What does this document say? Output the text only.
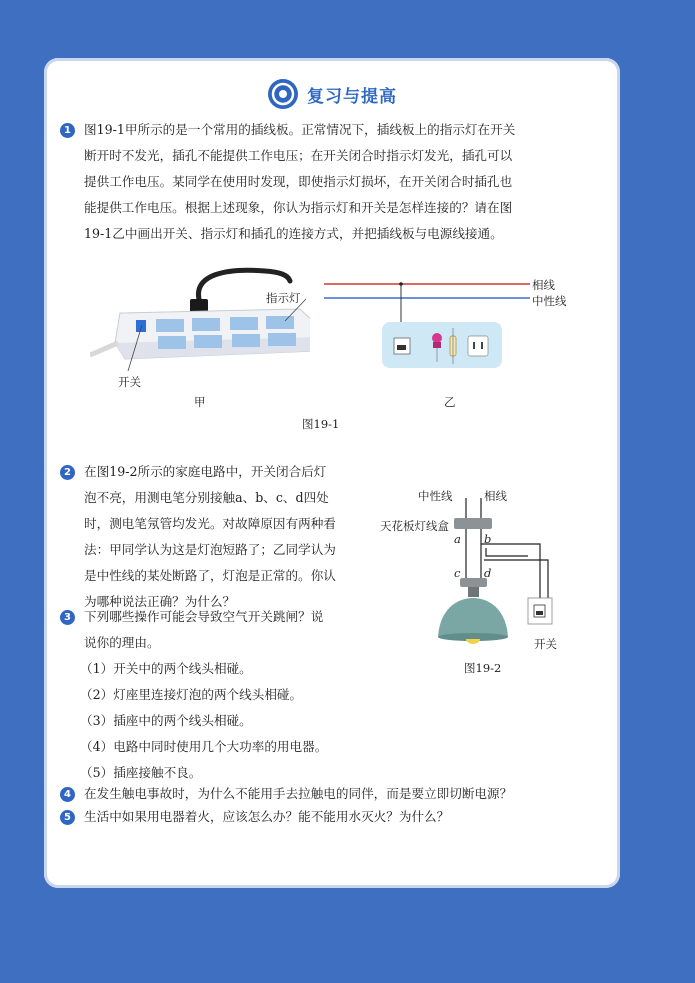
复习与提高
1	图19-1甲所示的是一个常用的插线板。正常情况下，插线板上的指示灯在开关
断开时不发光，插孔不能提供工作电压；在开关闭合时指示灯发光，插孔可以
提供工作电压。某同学在使用时发现，即使指示灯损坏，在开关闭合时插孔也
能提供工作电压。根据上述现象，你认为指示灯和开关是怎样连接的？请在图
19-1乙中画出开关、指示灯和插孔的连接方式，并把插线板与电源线接通。
指示灯
开关
甲
相线
中性线
乙
图19-1
2	在图19-2所示的家庭电路中，开关闭合后灯
泡不亮，用测电笔分别接触a、b、c、d四处
时，测电笔氖管均发光。对故障原因有两种看
法：甲同学认为这是灯泡短路了；乙同学认为
是中性线的某处断路了，灯泡是正常的。你认
为哪种说法正确？为什么？
中性线	相线
天花板灯线盒
a b
c d
开关
图19-2
3	下列哪些操作可能会导致空气开关跳闸？说
说你的理由。
（1）开关中的两个线头相碰。
（2）灯座里连接灯泡的两个线头相碰。
（3）插座中的两个线头相碰。
（4）电路中同时使用几个大功率的用电器。
（5）插座接触不良。
4	在发生触电事故时，为什么不能用手去拉触电的同伴，而是要立即切断电源？
5	生活中如果用电器着火，应该怎么办？能不能用水灭火？为什么？
